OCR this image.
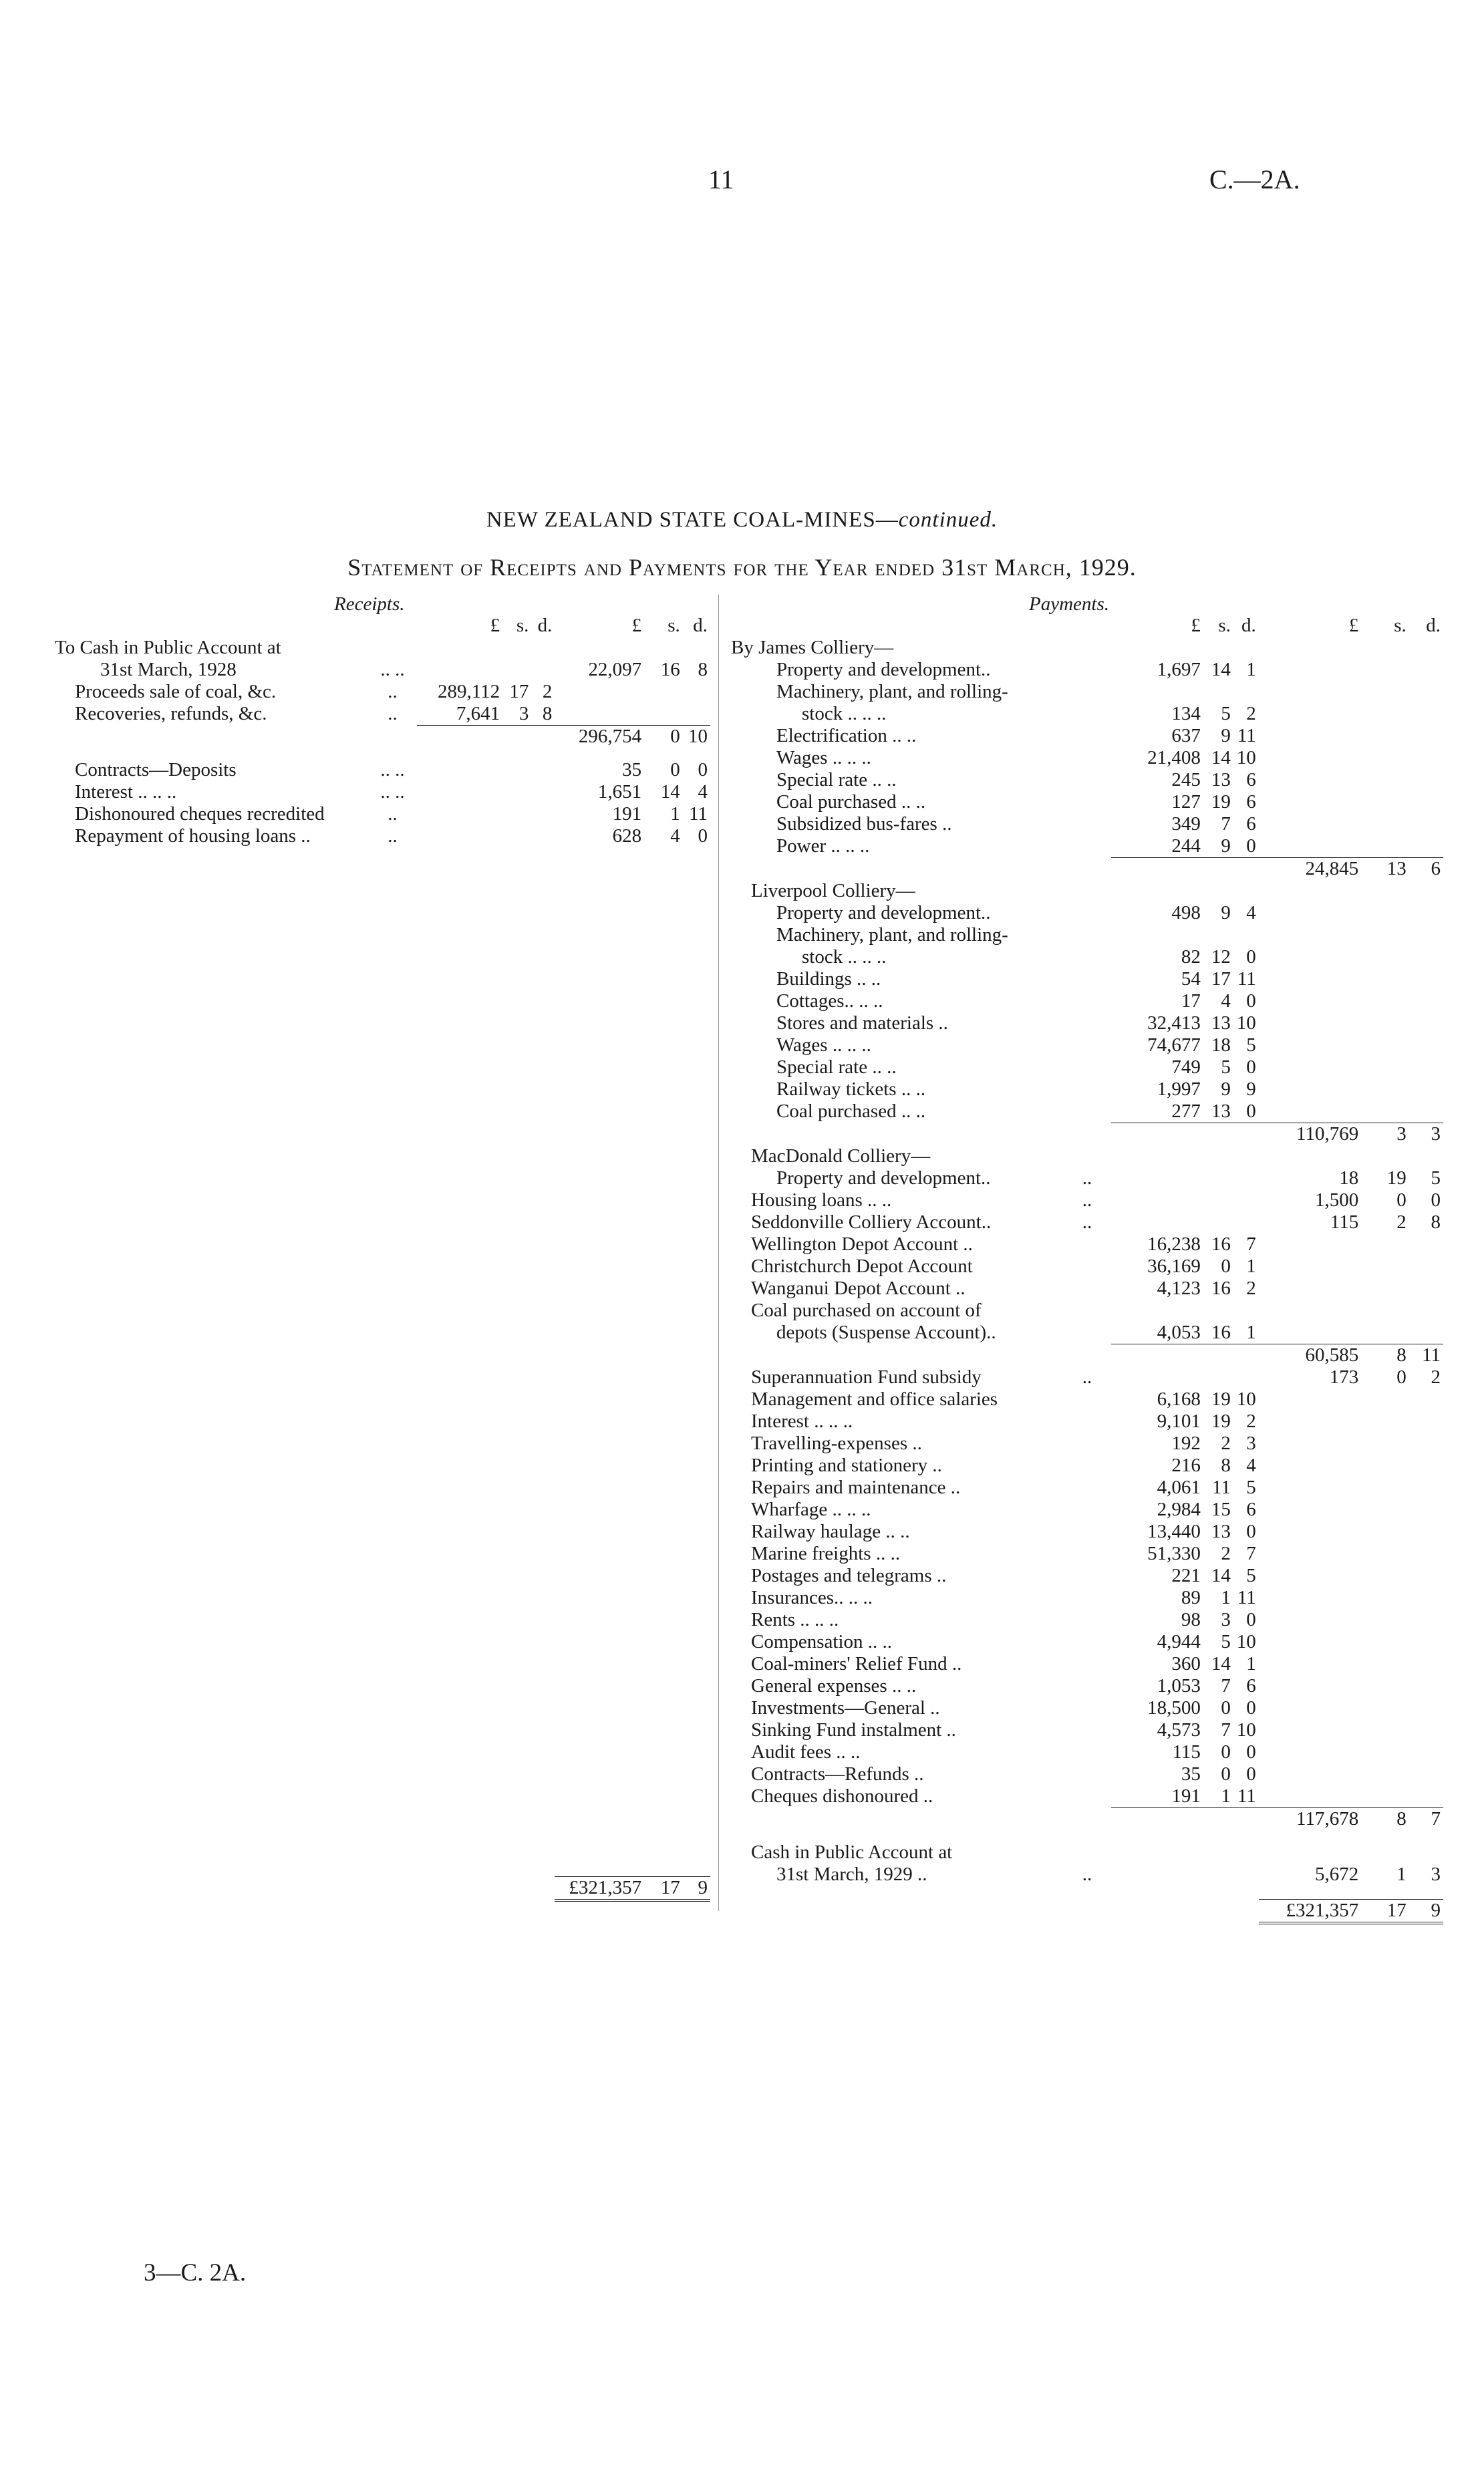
11	C.—2A.
NEW ZEALAND STATE COAL-MINES—continued.
Statement of Receipts and Payments for the Year ended 31st March, 1929.
Receipts.	Payments.
		£	s.	d.	£	s.	d.
To Cash in Public Account at							
31st March, 1928	.. ..				22,097	16	8
Proceeds sale of coal, &c.	..	289,112	17	2			
Recoveries, refunds, &c.	..	7,641	3	8			
					296,754	0	10
Contracts—Deposits	.. ..				35	0	0
Interest .. .. ..	.. ..				1,651	14	4
Dishonoured cheques recredited	..				191	1	11
Repayment of housing loans ..	..				628	4	0

					£321,357	17	9
		£	s.	d.	£	s.	d.
By James Colliery—							
Property and development..		1,697	14	1			
Machinery, plant, and rolling-							
stock .. .. ..		134	5	2			
Electrification .. ..		637	9	11			
Wages .. .. ..		21,408	14	10			
Special rate .. ..		245	13	6			
Coal purchased .. ..		127	19	6			
Subsidized bus-fares ..		349	7	6			
Power .. .. ..		244	9	0			
					24,845	13	6
Liverpool Colliery—							
Property and development..		498	9	4			
Machinery, plant, and rolling-							
stock .. .. ..		82	12	0			
Buildings .. ..		54	17	11			
Cottages.. .. ..		17	4	0			
Stores and materials ..		32,413	13	10			
Wages .. .. ..		74,677	18	5			
Special rate .. ..		749	5	0			
Railway tickets .. ..		1,997	9	9			
Coal purchased .. ..		277	13	0			
					110,769	3	3
MacDonald Colliery—							
Property and development..	..				18	19	5
Housing loans .. ..	..				1,500	0	0
Seddonville Colliery Account..	..				115	2	8
Wellington Depot Account ..		16,238	16	7			
Christchurch Depot Account		36,169	0	1			
Wanganui Depot Account ..		4,123	16	2			
Coal purchased on account of							
depots (Suspense Account)..		4,053	16	1			
					60,585	8	11
Superannuation Fund subsidy	..				173	0	2
Management and office salaries		6,168	19	10			
Interest .. .. ..		9,101	19	2			
Travelling-expenses ..		192	2	3			
Printing and stationery ..		216	8	4			
Repairs and maintenance ..		4,061	11	5			
Wharfage .. .. ..		2,984	15	6			
Railway haulage .. ..		13,440	13	0			
Marine freights .. ..		51,330	2	7			
Postages and telegrams ..		221	14	5			
Insurances.. .. ..		89	1	11			
Rents .. .. ..		98	3	0			
Compensation .. ..		4,944	5	10			
Coal-miners' Relief Fund ..		360	14	1			
General expenses .. ..		1,053	7	6			
Investments—General ..		18,500	0	0			
Sinking Fund instalment ..		4,573	7	10			
Audit fees .. ..		115	0	0			
Contracts—Refunds ..		35	0	0			
Cheques dishonoured ..		191	1	11			
					117,678	8	7
Cash in Public Account at							
31st March, 1929 ..	..				5,672	1	3

					£321,357	17	9
3—C. 2A.
